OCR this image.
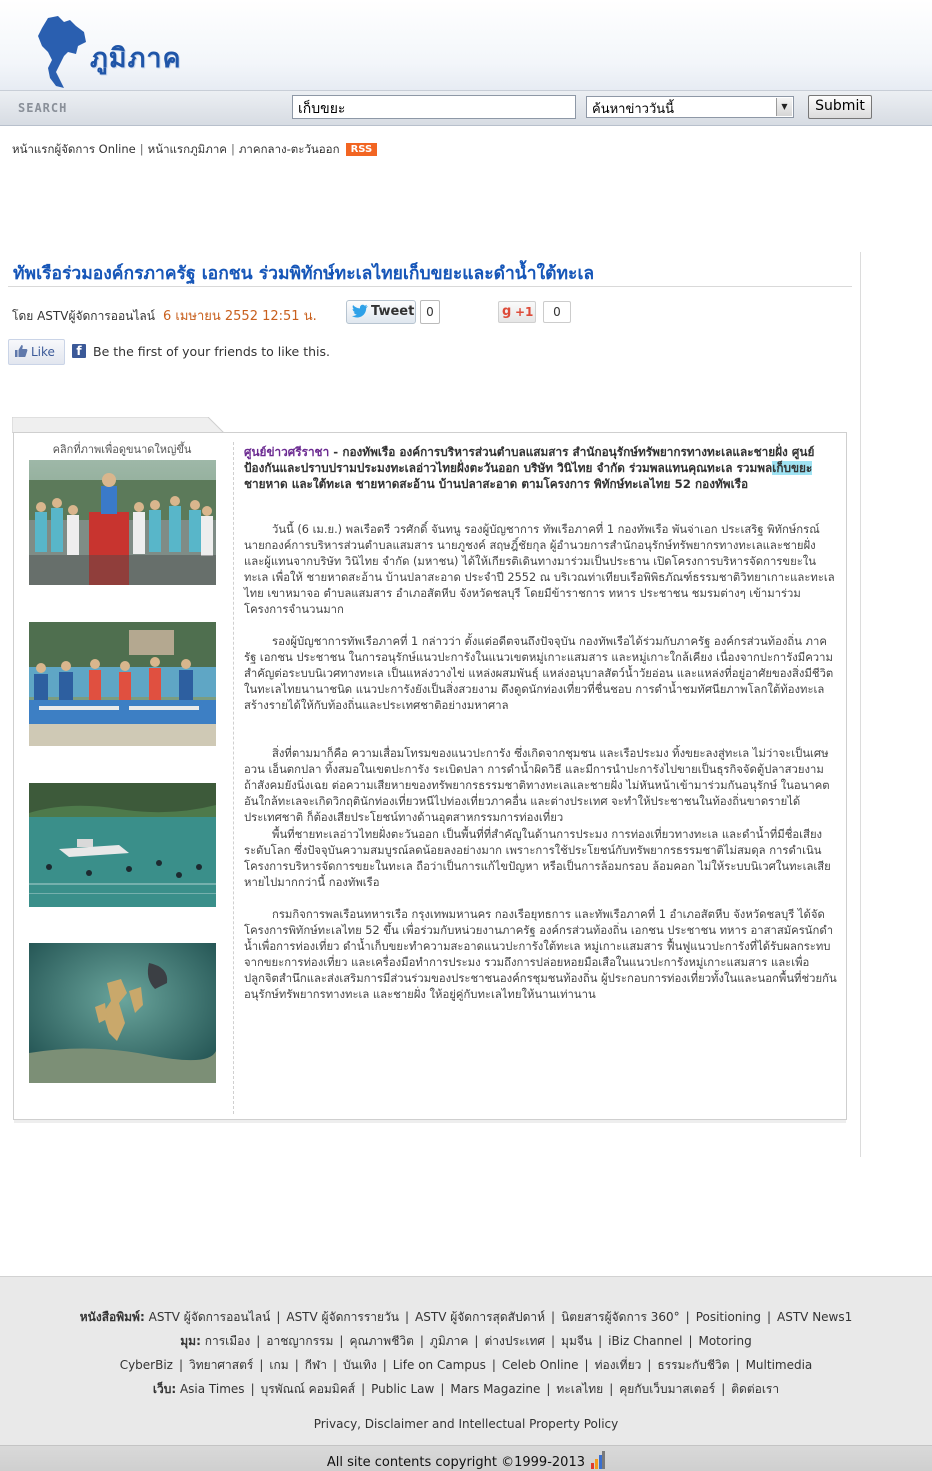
ภูมิภาค
SEARCH	เก็บขยะ	ค้นหาข่าววันนี้	▼	Submit
หน้าแรกผู้จัดการ Online | หน้าแรกภูมิภาค | ภาคกลาง-ตะวันออก RSS
ทัพเรือร่วมองค์กรภาครัฐ เอกชน ร่วมพิทักษ์ทะเลไทยเก็บขยะและดำน้ำใต้ทะเล
โดย ASTVผู้จัดการออนไลน์ 6 เมษายน 2552 12:51 น.	Tweet 0	g +1	0
Like	f Be the first of your friends to like this.
คลิกที่ภาพเพื่อดูขนาดใหญ่ขึ้น	ศูนย์ข่าวศรีราชา - กองทัพเรือ องค์การบริหารส่วนตำบลแสมสาร สำนักอนุรักษ์ทรัพยากรทางทะเลและชายฝั่ง ศูนย์ป้องกันและปราบปรามประมงทะเลอ่าวไทยฝั่งตะวันออก บริษัท วินิไทย จำกัด ร่วมพลแทนคุณทะเล รวมพลเก็บขยะชายหาด และใต้ทะเล ชายหาดสะอ้าน บ้านปลาสะอาด ตามโครงการ พิทักษ์ทะเลไทย 52 กองทัพเรือ
วันนี้ (6 เม.ย.) พลเรือตรี วรศักดิ์ จันทนู รองผู้บัญชาการ ทัพเรือภาคที่ 1 กองทัพเรือ พันจ่าเอก ประเสริฐ พิทักษ์กรณ์ นายกองค์การบริหารส่วนตำบลแสมสาร นายภูชงค์ สฤษฎิ์ชัยกุล ผู้อำนวยการสำนักอนุรักษ์ทรัพยากรทางทะเลและชายฝั่ง และผู้แทนจากบริษัท วินิไทย จำกัด (มหาชน) ได้ให้เกียรติเดินทางมาร่วมเป็นประธาน เปิดโครงการบริหารจัดการขยะในทะเล เพื่อให้ ชายหาดสะอ้าน บ้านปลาสะอาด ประจำปี 2552 ณ บริเวณท่าเทียบเรือพิพิธภัณฑ์ธรรมชาติวิทยาเกาะและทะเลไทย เขาหมาจอ ตำบลแสมสาร อำเภอสัตหีบ จังหวัดชลบุรี โดยมีข้าราชการ ทหาร ประชาชน ชมรมต่างๆ เข้ามาร่วมโครงการจำนวนมาก
รองผู้บัญชาการทัพเรือภาคที่ 1 กล่าวว่า ตั้งแต่อดีตจนถึงปัจจุบัน กองทัพเรือได้ร่วมกับภาครัฐ องค์กรส่วนท้องถิ่น ภาครัฐ เอกชน ประชาชน ในการอนุรักษ์แนวปะการังในแนวเขตหมู่เกาะแสมสาร และหมู่เกาะใกล้เคียง เนื่องจากปะการังมีความสำคัญต่อระบบนิเวศทางทะเล เป็นแหล่งวางไข่ แหล่งผสมพันธุ์ แหล่งอนุบาลสัตว์น้ำวัยอ่อน และแหล่งที่อยู่อาศัยของสิ่งมีชีวิตในทะเลไทยนานาชนิด แนวปะการังยังเป็นสิ่งสวยงาม ดึงดูดนักท่องเที่ยวที่ชื่นชอบ การดำน้ำชมทัศนียภาพโลกใต้ท้องทะเล สร้างรายได้ให้กับท้องถิ่นและประเทศชาติอย่างมหาศาล
สิ่งที่ตามมาก็คือ ความเสื่อมโทรมของแนวปะการัง ซึ่งเกิดจากชุมชน และเรือประมง ทิ้งขยะลงสู่ทะเล ไม่ว่าจะเป็นเศษอวน เอ็นตกปลา ทิ้งสมอในเขตปะการัง ระเบิดปลา การดำน้ำผิดวิธี และมีการนำปะการังไปขายเป็นธุรกิจจัดตู้ปลาสวยงาม ถ้าสังคมยังนิ่งเฉย ต่อความเสียหายของทรัพยากรธรรมชาติทางทะเลและชายฝั่ง ไม่หันหน้าเข้ามาร่วมกันอนุรักษ์ ในอนาคตอันใกล้ทะเลจะเกิดวิกฤตินักท่องเที่ยวหนีไปท่องเที่ยวภาคอื่น และต่างประเทศ จะทำให้ประชาชนในท้องถิ่นขาดรายได้ ประเทศชาติ ก็ต้องเสียประโยชน์ทางด้านอุตสาหกรรมการท่องเที่ยว
พื้นที่ชายทะเลอ่าวไทยฝั่งตะวันออก เป็นพื้นที่ที่สำคัญในด้านการประมง การท่องเที่ยวทางทะเล และดำน้ำที่มีชื่อเสียงระดับโลก ซึ่งปัจจุบันความสมบูรณ์ลดน้อยลงอย่างมาก เพราะการใช้ประโยชน์กับทรัพยากรธรรมชาติไม่สมดุล การดำเนินโครงการบริหารจัดการขยะในทะเล ถือว่าเป็นการแก้ไขปัญหา หรือเป็นการล้อมกรอบ ล้อมคอก ไม่ให้ระบบนิเวศในทะเลเสียหายไปมากกว่านี้ กองทัพเรือ
กรมกิจการพลเรือนทหารเรือ กรุงเทพมหานคร กองเรือยุทธการ และทัพเรือภาคที่ 1 อำเภอสัตหีบ จังหวัดชลบุรี ได้จัดโครงการพิทักษ์ทะเลไทย 52 ขึ้น เพื่อร่วมกับหน่วยงานภาครัฐ องค์กรส่วนท้องถิ่น เอกชน ประชาชน ทหาร อาสาสมัครนักดำน้ำเพื่อการท่องเที่ยว ดำน้ำเก็บขยะทำความสะอาดแนวปะการังใต้ทะเล หมู่เกาะแสมสาร ฟื้นฟูแนวปะการังที่ได้รับผลกระทบจากขยะการท่องเที่ยว และเครื่องมือทำการประมง รวมถึงการปล่อยหอยมือเสือในแนวปะการังหมู่เกาะแสมสาร และเพื่อปลูกจิตสำนึกและส่งเสริมการมีส่วนร่วมของประชาชนองค์กรชุมชนท้องถิ่น ผู้ประกอบการท่องเที่ยวทั้งในและนอกพื้นที่ช่วยกันอนุรักษ์ทรัพยากรทางทะเล และชายฝั่ง ให้อยู่คู่กับทะเลไทยให้นานเท่านาน
หนังสือพิมพ์: ASTV ผู้จัดการออนไลน์ | ASTV ผู้จัดการรายวัน | ASTV ผู้จัดการสุดสัปดาห์ | นิตยสารผู้จัดการ 360° | Positioning | ASTV News1
มุม: การเมือง | อาชญากรรม | คุณภาพชีวิต | ภูมิภาค | ต่างประเทศ | มุมจีน | iBiz Channel | Motoring
CyberBiz | วิทยาศาสตร์ | เกม | กีฬา | บันเทิง | Life on Campus | Celeb Online | ท่องเที่ยว | ธรรมะกับชีวิต | Multimedia
เว็บ: Asia Times | บุรพัณณ์ คอมมิคส์ | Public Law | Mars Magazine | ทะเลไทย | คุยกับเว็บมาสเตอร์ | ติดต่อเรา
Privacy, Disclaimer and Intellectual Property Policy
All site contents copyright ©1999-2013
